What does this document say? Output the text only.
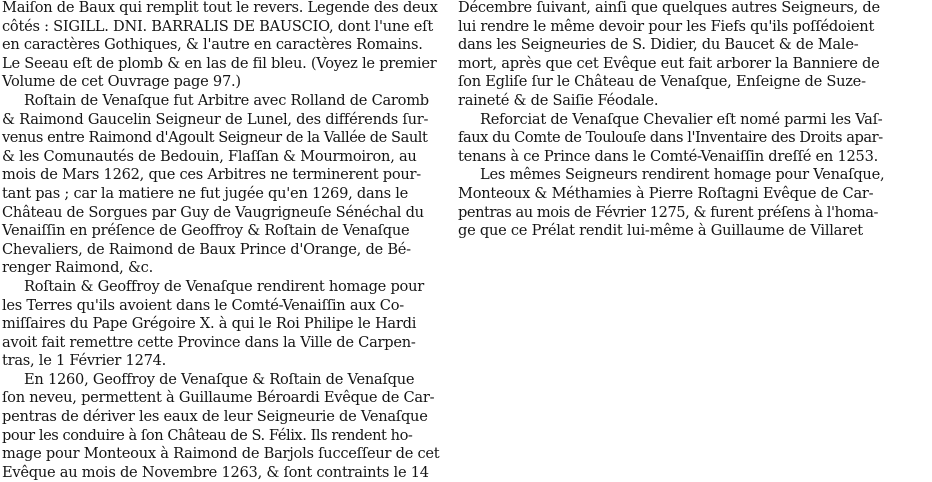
Maiſon de Baux qui remplit tout le revers. Legende des deux
côtés : SIGILL. DNI. BARRALIS DE BAUSCIO, dont l'une eſt
en caractères Gothiques, & l'autre en caractères Romains.
Le Seeau eſt de plomb & en las de fil bleu. (Voyez le premier
Volume de cet Ouvrage page 97.)
Roſtain de Venaſque fut Arbitre avec Rolland de Caromb
& Raimond Gaucelin Seigneur de Lunel, des différends ſur-
venus entre Raimond d'Agoult Seigneur de la Vallée de Sault
& les Comunautés de Bedouin, Flaſſan & Mourmoiron, au
mois de Mars 1262, que ces Arbitres ne terminerent pour-
tant pas ; car la matiere ne fut jugée qu'en 1269, dans le
Château de Sorgues par Guy de Vaugrigneuſe Sénéchal du
Venaiſſin en préſence de Geoffroy & Roſtain de Venaſque
Chevaliers, de Raimond de Baux Prince d'Orange, de Bé-
renger Raimond, &c.
Roſtain & Geoffroy de Venaſque rendirent homage pour
les Terres qu'ils avoient dans le Comté-Venaiſſin aux Co-
miſſaires du Pape Grégoire X. à qui le Roi Philipe le Hardi
avoit fait remettre cette Province dans la Ville de Carpen-
tras, le 1 Février 1274.
En 1260, Geoffroy de Venaſque & Roſtain de Venaſque
ſon neveu, permettent à Guillaume Béroardi Evêque de Car-
pentras de dériver les eaux de leur Seigneurie de Venaſque
pour les conduire à ſon Château de S. Félix. Ils rendent ho-
mage pour Monteoux à Raimond de Barjols ſucceſſeur de cet
Evêque au mois de Novembre 1263, & ſont contraints le 14
Décembre ſuivant, ainſi que quelques autres Seigneurs, de
lui rendre le même devoir pour les Fiefs qu'ils poſſédoient
dans les Seigneuries de S. Didier, du Baucet & de Male-
mort, après que cet Evêque eut fait arborer la Banniere de
ſon Egliſe ſur le Château de Venaſque, Enſeigne de Suze-
raineté & de Saiſie Féodale.
Reforciat de Venaſque Chevalier eſt nomé parmi les Vaſ-
faux du Comte de Toulouſe dans l'Inventaire des Droits apar-
tenans à ce Prince dans le Comté-Venaiſſin dreſſé en 1253.
Les mêmes Seigneurs rendirent homage pour Venaſque,
Monteoux & Méthamies à Pierre Roſtagni Evêque de Car-
pentras au mois de Février 1275, & furent préſens à l'homa-
ge que ce Prélat rendit lui-même à Guillaume de Villaret
